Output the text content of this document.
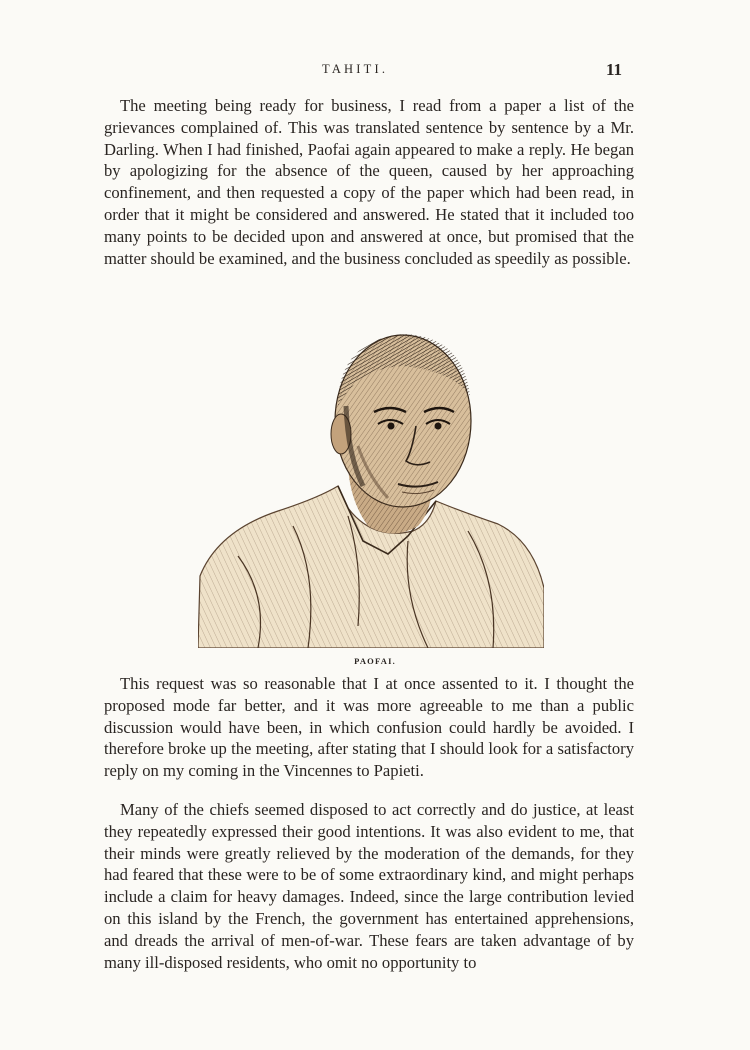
TAHITI.	11

The meeting being ready for business, I read from a paper a list of the grievances complained of. This was translated sentence by sentence by a Mr. Darling. When I had finished, Paofai again appeared to make a reply. He began by apologizing for the absence of the queen, caused by her approaching confinement, and then requested a copy of the paper which had been read, in order that it might be considered and answered. He stated that it included too many points to be decided upon and answered at once, but promised that the matter should be examined, and the business concluded as speedily as possible.

PAOFAI.

This request was so reasonable that I at once assented to it. I thought the proposed mode far better, and it was more agreeable to me than a public discussion would have been, in which confusion could hardly be avoided. I therefore broke up the meeting, after stating that I should look for a satisfactory reply on my coming in the Vincennes to Papieti.

Many of the chiefs seemed disposed to act correctly and do justice, at least they repeatedly expressed their good intentions. It was also evident to me, that their minds were greatly relieved by the moderation of the demands, for they had feared that these were to be of some extraordinary kind, and might perhaps include a claim for heavy damages. Indeed, since the large contribution levied on this island by the French, the government has entertained apprehensions, and dreads the arrival of men-of-war. These fears are taken advantage of by many ill-disposed residents, who omit no opportunity to
